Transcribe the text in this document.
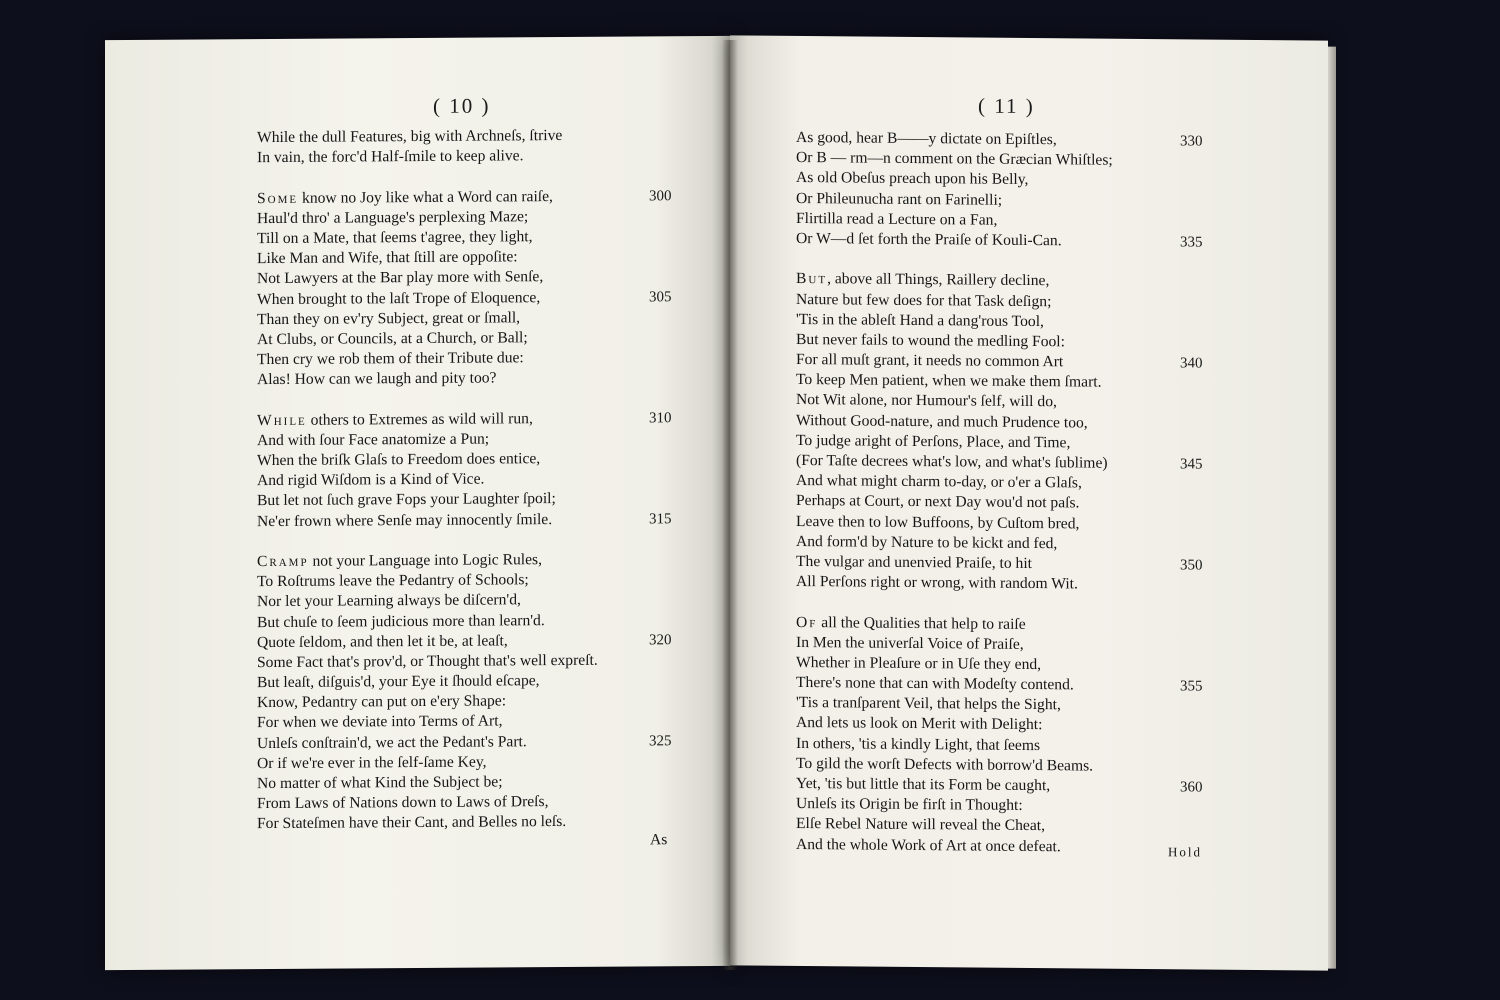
( 10 )
While the dull Features, big with Archneſs, ſtrive
In vain, the forc'd Half-ſmile to keep alive.
Some know no Joy like what a Word can raiſe,	300
Haul'd thro' a Language's perplexing Maze;
Till on a Mate, that ſeems t'agree, they light,
Like Man and Wife, that ſtill are oppoſite:
Not Lawyers at the Bar play more with Senſe,
When brought to the laſt Trope of Eloquence,	305
Than they on ev'ry Subject, great or ſmall,
At Clubs, or Councils, at a Church, or Ball;
Then cry we rob them of their Tribute due:
Alas! How can we laugh and pity too?
While others to Extremes as wild will run,	310
And with ſour Face anatomize a Pun;
When the briſk Glaſs to Freedom does entice,
And rigid Wiſdom is a Kind of Vice.
But let not ſuch grave Fops your Laughter ſpoil;
Ne'er frown where Senſe may innocently ſmile.	315
Cramp not your Language into Logic Rules,
To Roſtrums leave the Pedantry of Schools;
Nor let your Learning always be diſcern'd,
But chuſe to ſeem judicious more than learn'd.
Quote ſeldom, and then let it be, at leaſt,	320
Some Fact that's prov'd, or Thought that's well expreſt.
But leaſt, diſguis'd, your Eye it ſhould eſcape,
Know, Pedantry can put on e'ery Shape:
For when we deviate into Terms of Art,
Unleſs conſtrain'd, we act the Pedant's Part.	325
Or if we're ever in the ſelf-ſame Key,
No matter of what Kind the Subject be;
From Laws of Nations down to Laws of Dreſs,
For Stateſmen have their Cant, and Belles no leſs.
As
( 11 )
As good, hear B——y dictate on Epiſtles,	330
Or B — rm—n comment on the Græcian Whiſtles;
As old Obeſus preach upon his Belly,
Or Phileunucha rant on Farinelli;
Flirtilla read a Lecture on a Fan,
Or W—d ſet forth the Praiſe of Kouli-Can.	335
But, above all Things, Raillery decline,
Nature but few does for that Task deſign;
'Tis in the ableſt Hand a dang'rous Tool,
But never fails to wound the medling Fool:
For all muſt grant, it needs no common Art	340
To keep Men patient, when we make them ſmart.
Not Wit alone, nor Humour's ſelf, will do,
Without Good-nature, and much Prudence too,
To judge aright of Perſons, Place, and Time,
(For Taſte decrees what's low, and what's ſublime)	345
And what might charm to-day, or o'er a Glaſs,
Perhaps at Court, or next Day wou'd not paſs.
Leave then to low Buffoons, by Cuſtom bred,
And form'd by Nature to be kickt and fed,
The vulgar and unenvied Praiſe, to hit	350
All Perſons right or wrong, with random Wit.
Of all the Qualities that help to raiſe
In Men the univerſal Voice of Praiſe,
Whether in Pleaſure or in Uſe they end,
There's none that can with Modeſty contend.	355
'Tis a tranſparent Veil, that helps the Sight,
And lets us look on Merit with Delight:
In others, 'tis a kindly Light, that ſeems
To gild the worſt Defects with borrow'd Beams.
Yet, 'tis but little that its Form be caught,	360
Unleſs its Origin be firſt in Thought:
Elſe Rebel Nature will reveal the Cheat,
And the whole Work of Art at once defeat.	Hold
